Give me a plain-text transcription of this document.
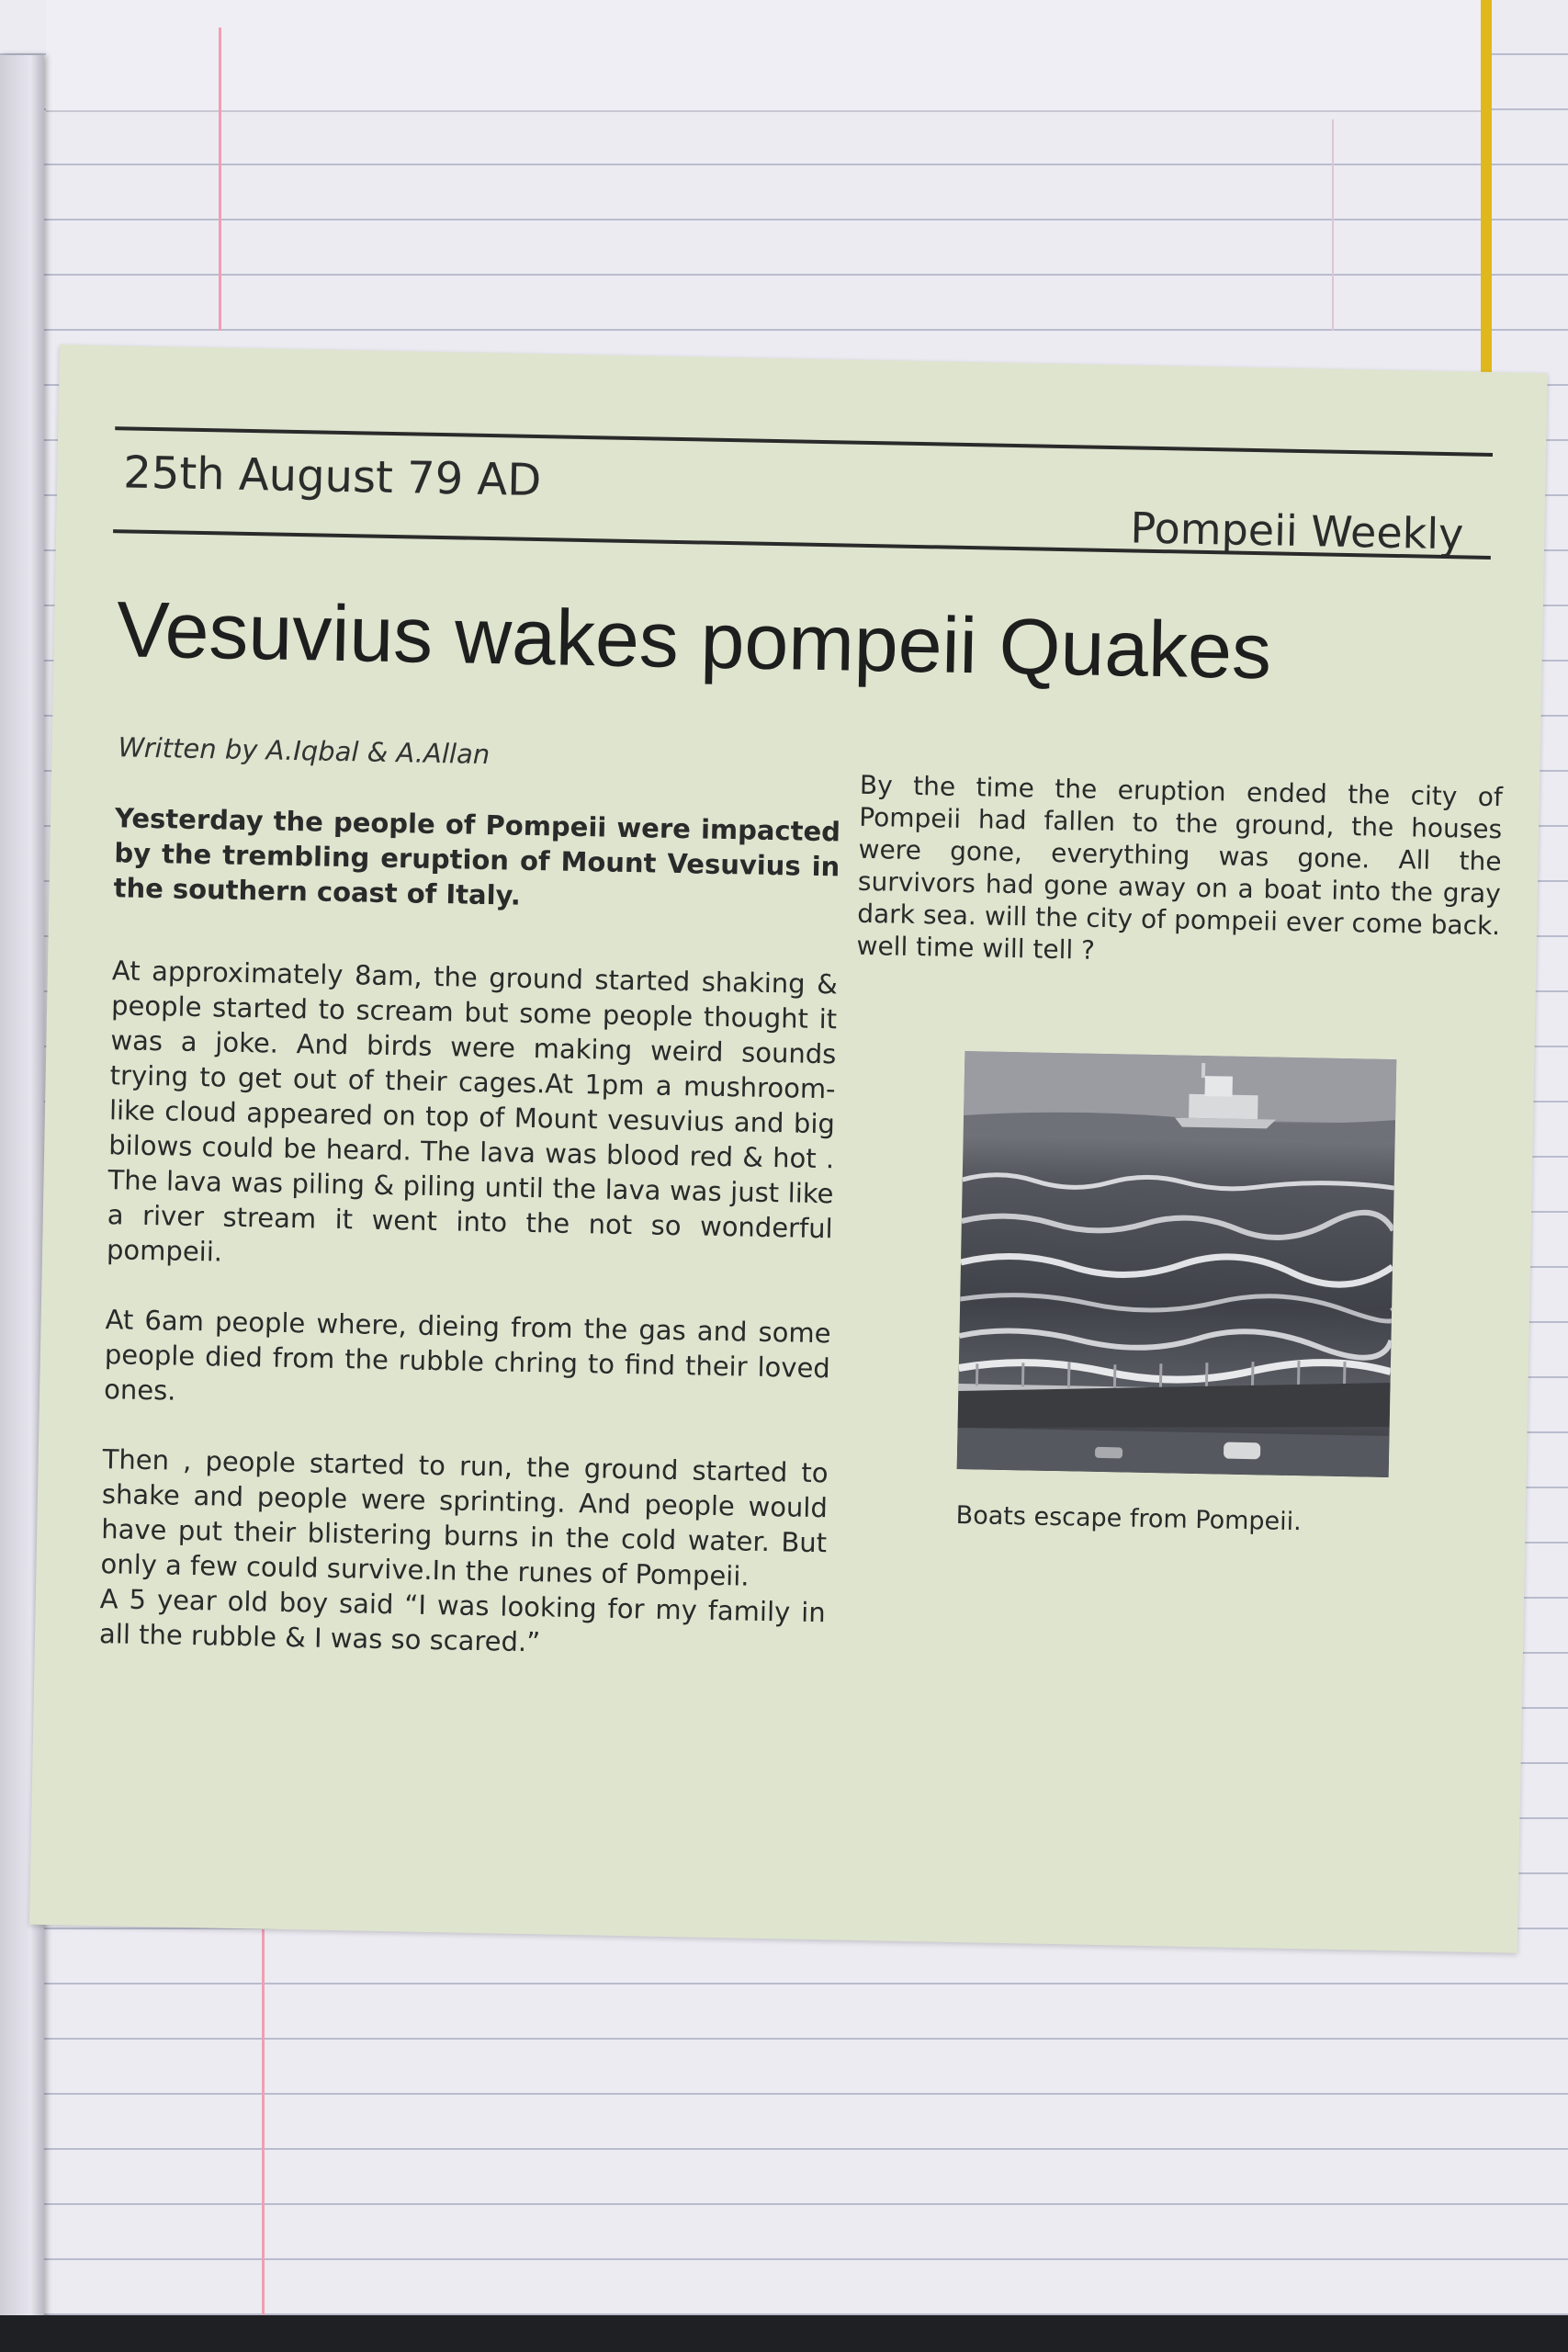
25th August 79 AD
Pompeii Weekly
Vesuvius wakes pompeii Quakes
Written by A.Iqbal & A.Allan

Yesterday the people of Pompeii were impacted by the trembling eruption of Mount Vesuvius in the southern coast of Italy.

At approximately 8am, the ground started shaking & people started to scream but some people thought it was a joke. And birds were making weird sounds trying to get out of their cages.At 1pm a mushroom-like cloud appeared on top of Mount vesuvius and big bilows could be heard. The lava was blood red & hot . The lava was piling & piling until the lava was just like a river stream it went into the not so wonderful pompeii.

At 6am people where, dieing from the gas and some people died from the rubble chring to find their loved ones.

Then , people started to run, the ground started to shake and people were sprinting. And people would have put their blistering burns in the cold water. But only a few could survive.In the runes of Pompeii.

A 5 year old boy said “I was looking for my family in all the rubble & I was so scared.”

By the time the eruption ended the city of Pompeii had fallen to the ground, the houses were gone, everything was gone. All the survivors had gone away on a boat into the gray dark sea. will the city of pompeii ever come back. well time will tell ?

Boats escape from Pompeii.
